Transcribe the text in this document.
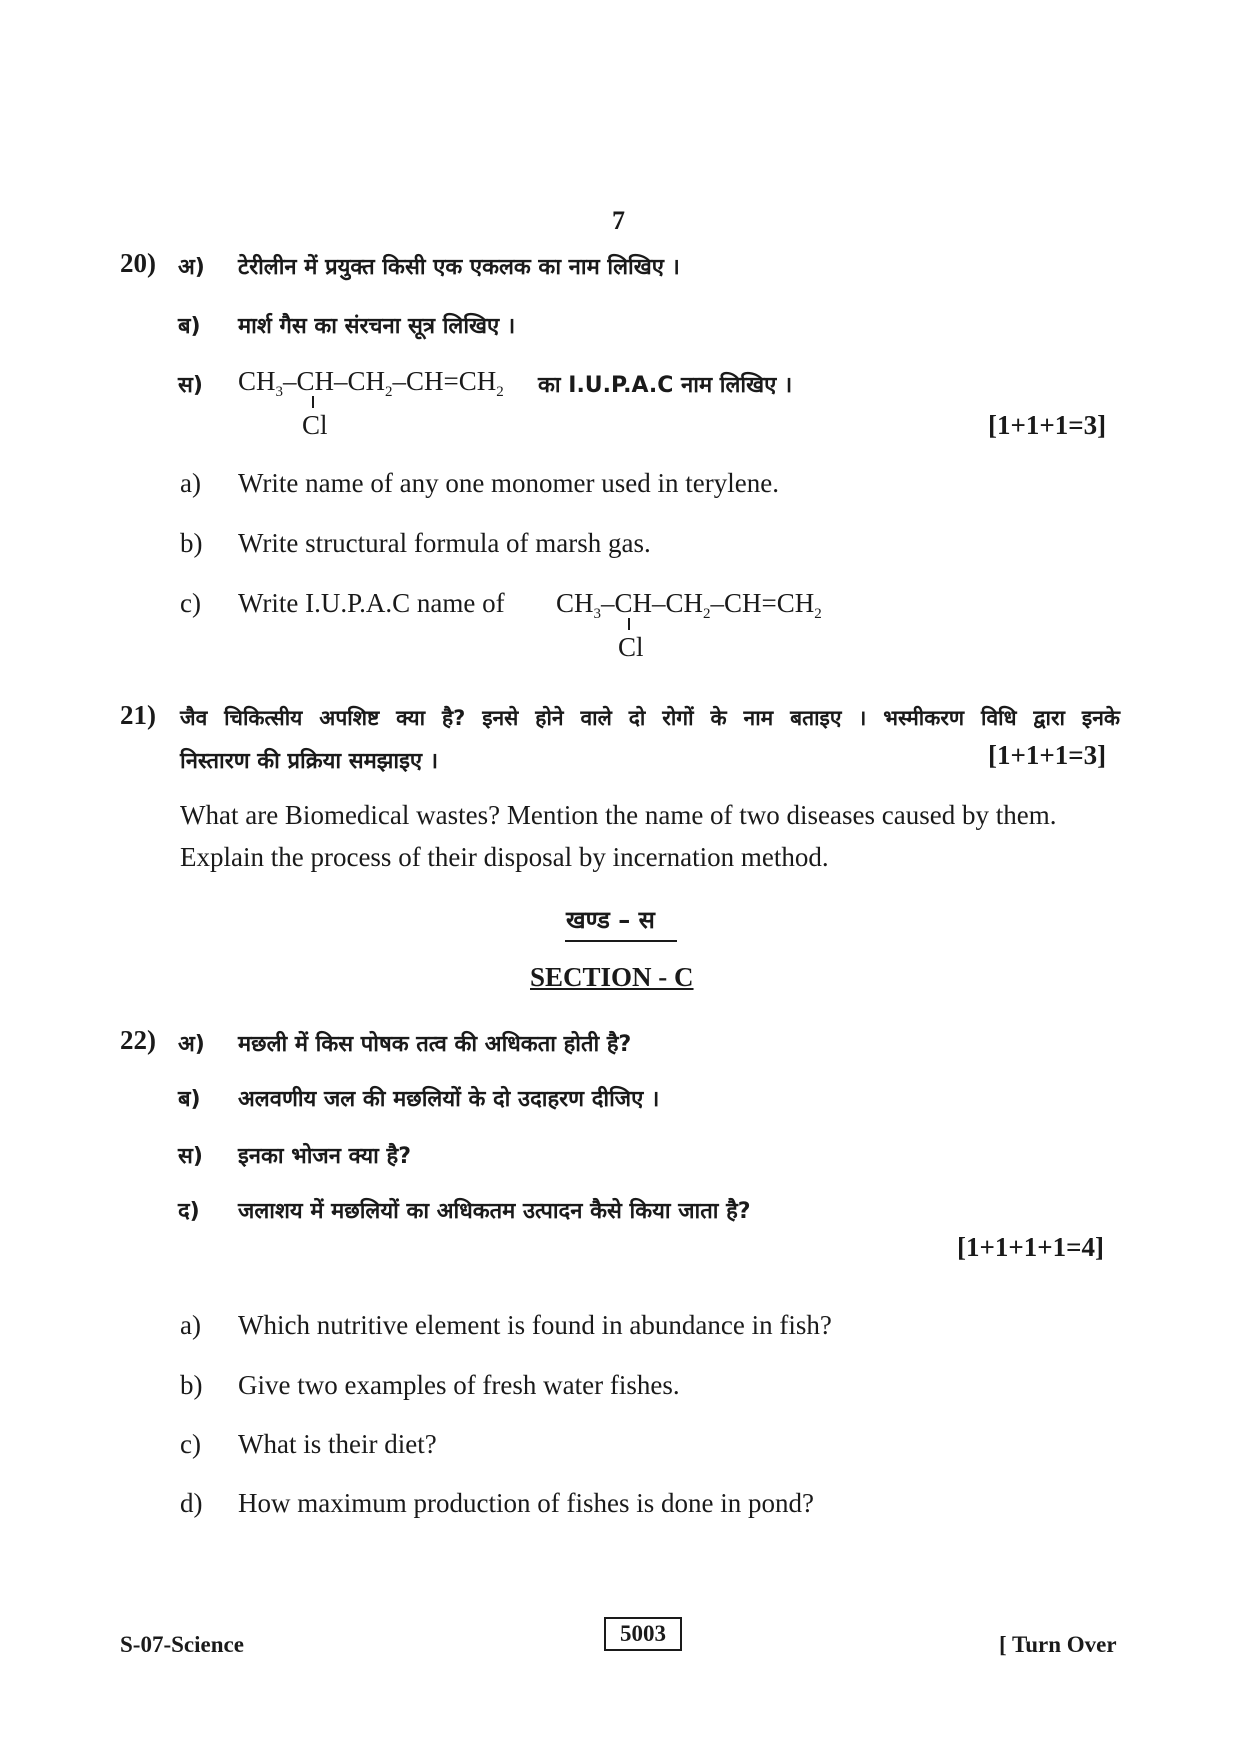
7
20) अ) टेरीलीन में प्रयुक्त किसी एक एकलक का नाम लिखिए ।
ब) मार्श गैस का संरचना सूत्र लिखिए ।
स) $CH_3-CH-CH_2-CH=CH_2$
Cl
का I.U.P.A.C नाम लिखिए ।
[1+1+1=3]
a) Write name of any one monomer used in terylene.
b) Write structural formula of marsh gas.
c) Write I.U.P.A.C name of $CH_3-CH-CH_2-CH=CH_2$
Cl
21) जैव चिकित्सीय अपशिष्ट क्या है? इनसे होने वाले दो रोगों के नाम बताइए । भस्मीकरण विधि द्वारा इनके
निस्तारण की प्रक्रिया समझाइए ।	[1+1+1=3]
What are Biomedical wastes? Mention the name of two diseases caused by them.
Explain the process of their disposal by incernation method.
खण्ड – स
SECTION - C
22) अ) मछली में किस पोषक तत्व की अधिकता होती है?
ब) अलवणीय जल की मछलियों के दो उदाहरण दीजिए ।
स) इनका भोजन क्या है?
द) जलाशय में मछलियों का अधिकतम उत्पादन कैसे किया जाता है?
[1+1+1+1=4]
a) Which nutritive element is found in abundance in fish?
b) Give two examples of fresh water fishes.
c) What is their diet?
d) How maximum production of fishes is done in pond?
S-07-Science	5003	[ Turn Over
